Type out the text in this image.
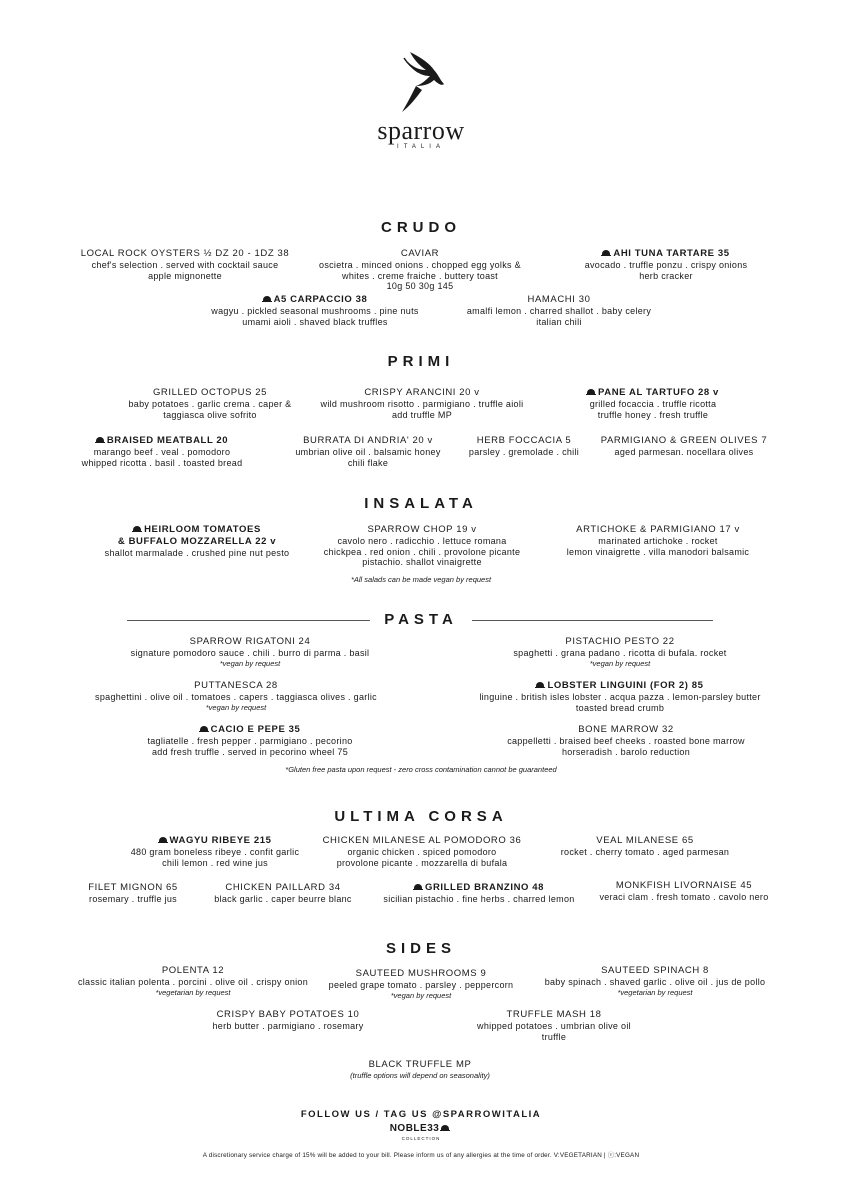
sparrow
ITALIA
CRUDO
LOCAL ROCK OYSTERS ½ DZ 20 - 1DZ 38
chef's selection . served with cocktail sauce
apple mignonette
CAVIAR
oscietra . minced onions . chopped egg yolks &
whites . creme fraiche . buttery toast
10g 50 30g 145
AHI TUNA TARTARE 35
avocado . truffle ponzu . crispy onions
herb cracker
A5 CARPACCIO 38
wagyu . pickled seasonal mushrooms . pine nuts
umami aioli . shaved black truffles
HAMACHI 30
amalfi lemon . charred shallot . baby celery
italian chili
PRIMI
GRILLED OCTOPUS 25
baby potatoes . garlic crema . caper &
taggiasca olive sofrito
CRISPY ARANCINI 20 v
wild mushroom risotto . parmigiano . truffle aioli
add truffle MP
PANE AL TARTUFO 28 v
grilled focaccia . truffle ricotta
truffle honey . fresh truffle
BRAISED MEATBALL 20
marango beef . veal . pomodoro
whipped ricotta . basil . toasted bread
BURRATA DI ANDRIA' 20 v
umbrian olive oil . balsamic honey
chili flake
HERB FOCCACIA 5
parsley . gremolade . chili
PARMIGIANO & GREEN OLIVES 7
aged parmesan. nocellara olives
INSALATA
HEIRLOOM TOMATOES
& BUFFALO MOZZARELLA 22 v
shallot marmalade . crushed pine nut pesto
SPARROW CHOP 19 v
cavolo nero . radicchio . lettuce romana
chickpea . red onion . chili . provolone picante
pistachio. shallot vinaigrette
ARTICHOKE & PARMIGIANO 17 v
marinated artichoke . rocket
lemon vinaigrette . villa manodori balsamic
*All salads can be made vegan by request
PASTA
SPARROW RIGATONI 24
signature pomodoro sauce . chili . burro di parma . basil
*vegan by request
PISTACHIO PESTO 22
spaghetti . grana padano . ricotta di bufala. rocket
*vegan by request
PUTTANESCA 28
spaghettini . olive oil . tomatoes . capers . taggiasca olives . garlic
*vegan by request
LOBSTER LINGUINI (FOR 2) 85
linguine . british isles lobster . acqua pazza . lemon-parsley butter
toasted bread crumb
CACIO E PEPE 35
tagliatelle . fresh pepper . parmigiano . pecorino
add fresh truffle . served in pecorino wheel 75
BONE MARROW 32
cappelletti . braised beef cheeks . roasted bone marrow
horseradish . barolo reduction
*Gluten free pasta upon request - zero cross contamination cannot be guaranteed
ULTIMA CORSA
WAGYU RIBEYE 215
480 gram boneless ribeye . confit garlic
chili lemon . red wine jus
CHICKEN MILANESE AL POMODORO 36
organic chicken . spiced pomodoro
provolone picante . mozzarella di bufala
VEAL MILANESE 65
rocket . cherry tomato . aged parmesan
FILET MIGNON 65
rosemary . truffle jus
CHICKEN PAILLARD 34
black garlic . caper beurre blanc
GRILLED BRANZINO 48
sicilian pistachio . fine herbs . charred lemon
MONKFISH LIVORNAISE 45
veraci clam . fresh tomato . cavolo nero
SIDES
POLENTA 12
classic italian polenta . porcini . olive oil . crispy onion
*vegetarian by request
SAUTEED MUSHROOMS 9
peeled grape tomato . parsley . peppercorn
*vegan by request
SAUTEED SPINACH 8
baby spinach . shaved garlic . olive oil . jus de pollo
*vegetarian by request
CRISPY BABY POTATOES 10
herb butter . parmigiano . rosemary
TRUFFLE MASH 18
whipped potatoes . umbrian olive oil
truffle
BLACK TRUFFLE MP
(truffle options will depend on seasonality)
FOLLOW US / TAG US @SPARROWITALIA
NOBLE33
COLLECTION
A discretionary service charge of 15% will be added to your bill. Please inform us of any allergies at the time of order. V:VEGETARIAN | ⓥ:VEGAN
